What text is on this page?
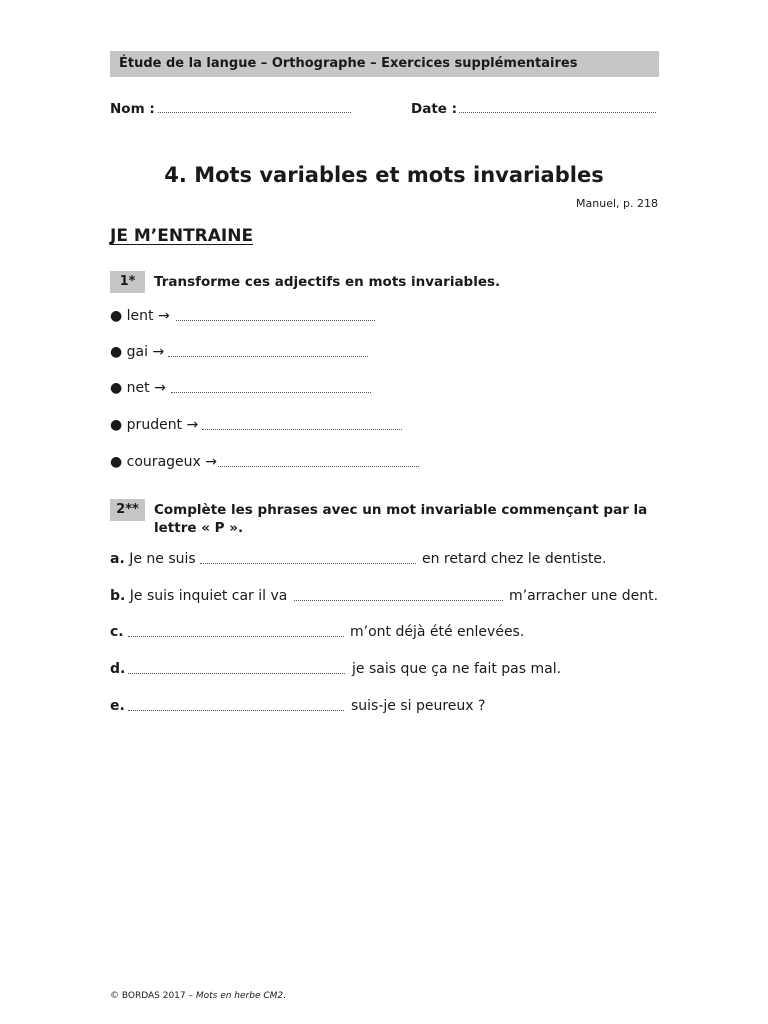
Étude de la langue – Orthographe – Exercices supplémentaires
Nom :	Date :
4. Mots variables et mots invariables
Manuel, p. 218
JE M’ENTRAINE
1*	Transforme ces adjectifs en mots invariables.
● lent →
● gai →
● net →
● prudent →
● courageux →
2**	Complète les phrases avec un mot invariable commençant par la
lettre « P ».
a. Je ne suis	en retard chez le dentiste.
b. Je suis inquiet car il va	m’arracher une dent.
c.	m’ont déjà été enlevées.
d.	je sais que ça ne fait pas mal.
e.	suis-je si peureux ?
© BORDAS 2017 – Mots en herbe CM2.
